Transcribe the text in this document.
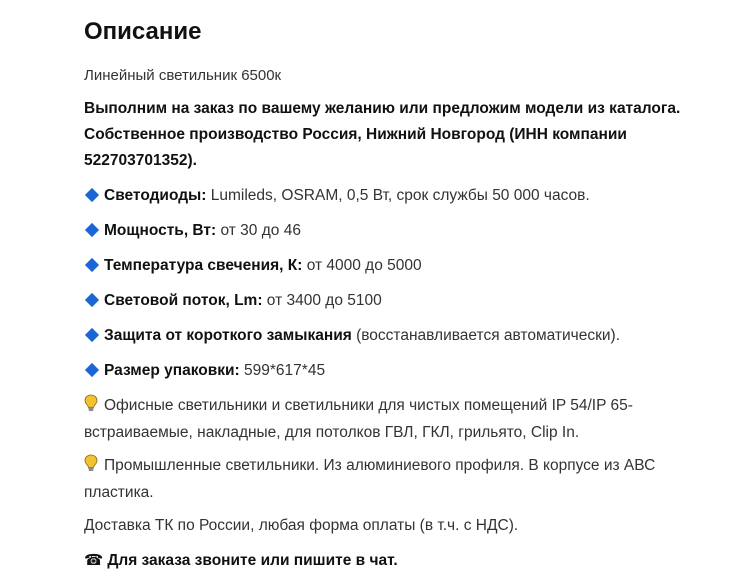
Описание
Линейный светильник 6500к
Выполним на заказ по вашему желанию или предложим модели из каталога. Собственное производство Россия, Нижний Новгород (ИНН компании 522703701352).
Светодиоды: Lumileds, OSRAM, 0,5 Вт, срок службы 50 000 часов.
Мощность, Вт: от 30 до 46
Температура свечения, К: от 4000 до 5000
Световой поток, Lm: от 3400 до 5100
Защита от короткого замыкания (восстанавливается автоматически).
Размер упаковки: 599*617*45
Офисные светильники и светильники для чистых помещений IP 54/IP 65- встраиваемые, накладные, для потолков ГВЛ, ГКЛ, грильято, Clip In.
Промышленные светильники. Из алюминиевого профиля. В корпусе из АВС пластика.
Доставка ТК по России, любая форма оплаты (в т.ч. с НДС).
☎ Для заказа звоните или пишите в чат.
